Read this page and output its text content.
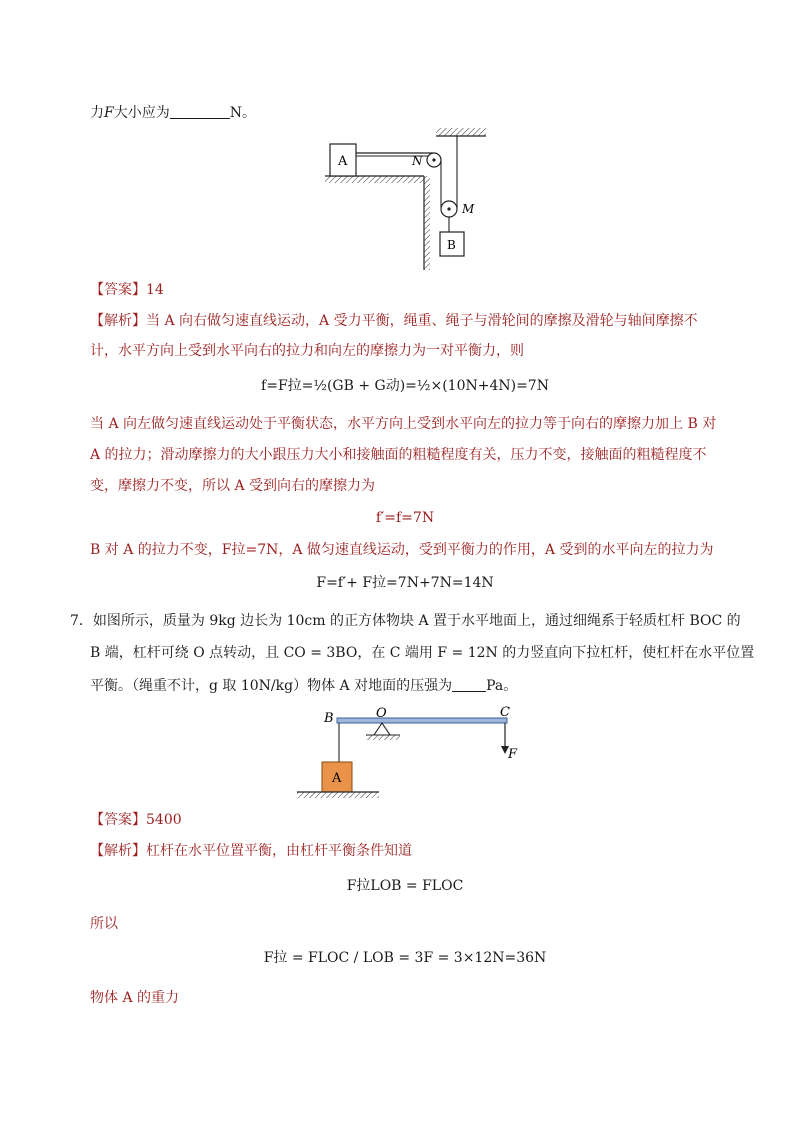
力F大小应为	N。
A	N
M
B
【答案】14
【解析】当 A 向右做匀速直线运动，A 受力平衡，绳重、绳子与滑轮间的摩擦及滑轮与轴间摩擦不
计，水平方向上受到水平向右的拉力和向左的摩擦力为一对平衡力，则
f=F拉=½(GB + G动)=½×(10N+4N)=7N
当 A 向左做匀速直线运动处于平衡状态，水平方向上受到水平向左的拉力等于向右的摩擦力加上 B 对
A 的拉力；滑动摩擦力的大小跟压力大小和接触面的粗糙程度有关，压力不变，接触面的粗糙程度不
变，摩擦力不变，所以 A 受到向右的摩擦力为
f′=f=7N
B 对 A 的拉力不变，F拉=7N，A 做匀速直线运动，受到平衡力的作用，A 受到的水平向左的拉力为
F=f′+ F拉=7N+7N=14N
7．如图所示，质量为 9kg 边长为 10cm 的正方体物块 A 置于水平地面上，通过细绳系于轻质杠杆 BOC 的
B 端，杠杆可绕 O 点转动，且 CO = 3BO，在 C 端用 F = 12N 的力竖直向下拉杠杆，使杠杆在水平位置
平衡。（绳重不计，g 取 10N/kg）物体 A 对地面的压强为 Pa。
B	O	C
F
A
【答案】5400
【解析】杠杆在水平位置平衡，由杠杆平衡条件知道
F拉LOB = FLOC
所以
F拉 = FLOC / LOB = 3F = 3×12N=36N
物体 A 的重力
